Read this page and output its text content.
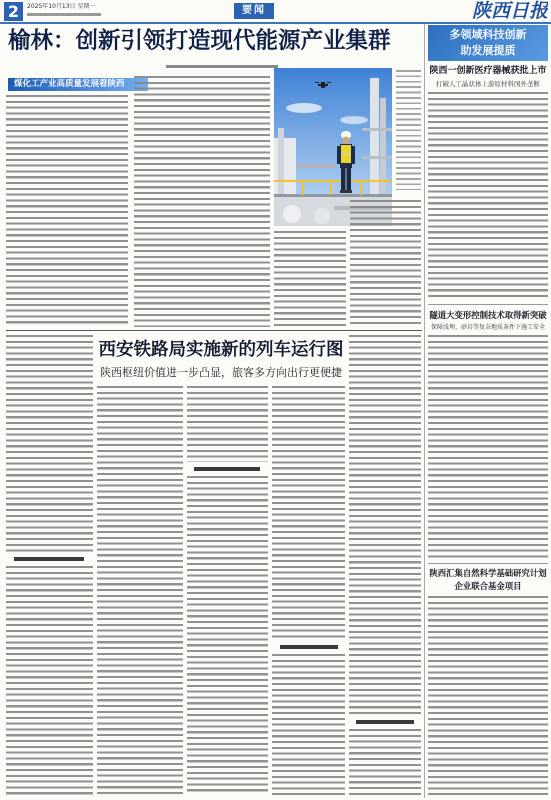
2	2025年10月13日 星期一	要闻	陕西日报
榆林：创新引领打造现代能源产业集群
煤化工产业高质量发展看陕西
西安铁路局实施新的列车运行图
陕西枢纽价值进一步凸显，旅客多方向出行更便捷
多领域科技创新
助发展提质
陕西一创新医疗器械获批上市
打破人工晶状体上游原材料国外垄断
隧道大变形控制技术取得新突破
保障浅埋、砂岩等复杂地质条件下施工安全
陕西汇集自然科学基础研究计划
企业联合基金项目
